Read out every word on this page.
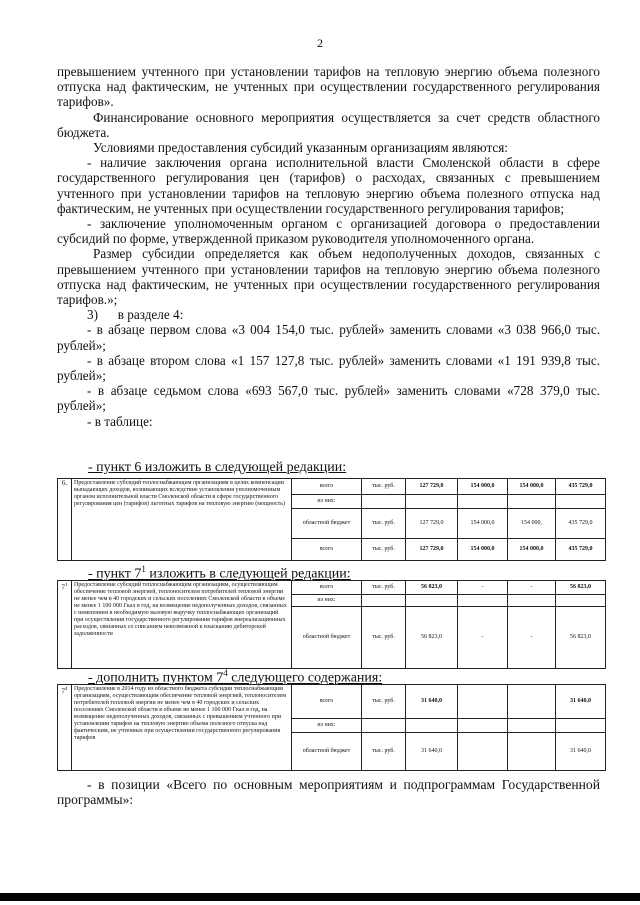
2

превышением учтенного при установлении тарифов на тепловую энергию объема полезного отпуска над фактическим, не учтенных при осуществлении государственного регулирования тарифов».

Финансирование основного мероприятия осуществляется за счет средств областного бюджета.

Условиями предоставления субсидий указанным организациям являются:

- наличие заключения органа исполнительной власти Смоленской области в сфере государственного регулирования цен (тарифов) о расходах, связанных с превышением учтенного при установлении тарифов на тепловую энергию объема полезного отпуска над фактическим, не учтенных при осуществлении государственного регулирования тарифов;

- заключение уполномоченным органом с организацией договора о предоставлении субсидий по форме, утвержденной приказом руководителя уполномоченного органа.

Размер субсидии определяется как объем недополученных доходов, связанных с превышением учтенного при установлении тарифов на тепловую энергию объема полезного отпуска над фактическим, не учтенных при осуществлении государственного регулирования тарифов.»;

3)      в разделе 4:

- в абзаце первом слова «3 004 154,0 тыс. рублей» заменить словами «3 038 966,0 тыс. рублей»;

- в абзаце втором слова «1 157 127,8 тыс. рублей» заменить словами «1 191 939,8 тыс. рублей»;

- в абзаце седьмом слова «693 567,0 тыс. рублей» заменить словами «728 379,0 тыс. рублей»;

- в таблице:

- пункт 6 изложить в следующей редакции:
6.	Предоставление субсидий теплоснабжающим организациям в целях компенсации выпадающих доходов, возникающих вследствие установления уполномоченным органом исполнительной власти Смоленской области в сфере государственного регулирования цен (тарифов) льготных тарифов на тепловую энергию (мощность)	всего	тыс. руб.	127 729,0	154 000,0	154 000,0	435 729,0
		из них:					
		областной бюджет	тыс. руб.	127 729,0	154 000,0	154 000,	435 729,0
		всего	тыс. руб.	127 729,0	154 000,0	154 000,0	435 729,0
- пункт $7^1$ изложить в следующей редакции:
$7^1$	Предоставление субсидий теплоснабжающим организациям, осуществляющим обеспечение тепловой энергией, теплоносителем потребителей тепловой энергии не менее чем в 40 городских и сельских поселениях Смоленской области в объеме не менее 1 100 000 Гкал в год, на возмещение недополученных доходов, связанных с неявлением в необходимую валовую выручку теплоснабжающих организаций при осуществлении государственного регулирования тарифов внереализационных расходов, связанных со списанием невозможной к взысканию дебиторской задолженности	всего	тыс. руб.	56 823,0	-	-	56 823,0
		из них:					
		областной бюджет	тыс. руб.	56 823,0	-	-	56 823,0
- дополнить пунктом $7^4$ следующего содержания:
$7^4$	Предоставление в 2014 году из областного бюджета субсидии теплоснабжающим организациям, осуществляющим обеспечение тепловой энергией, теплоносителем потребителей тепловой энергии не менее чем в 40 городских и сельских поселениях Смоленской области в объеме не менее 1 100 000 Гкал в год, на возмещение недополученных доходов, связанных с превышением учтенного при установлении тарифов на тепловую энергию объема полезного отпуска над фактическим, не учтенных при осуществлении государственного регулирования тарифов	всего	тыс. руб.	31 640,0			31 640,0
		из них:					
		областной бюджет	тыс. руб.	31 640,0			31 640,0

- в позиции «Всего по основным мероприятиям и подпрограммам Государственной программы»:
